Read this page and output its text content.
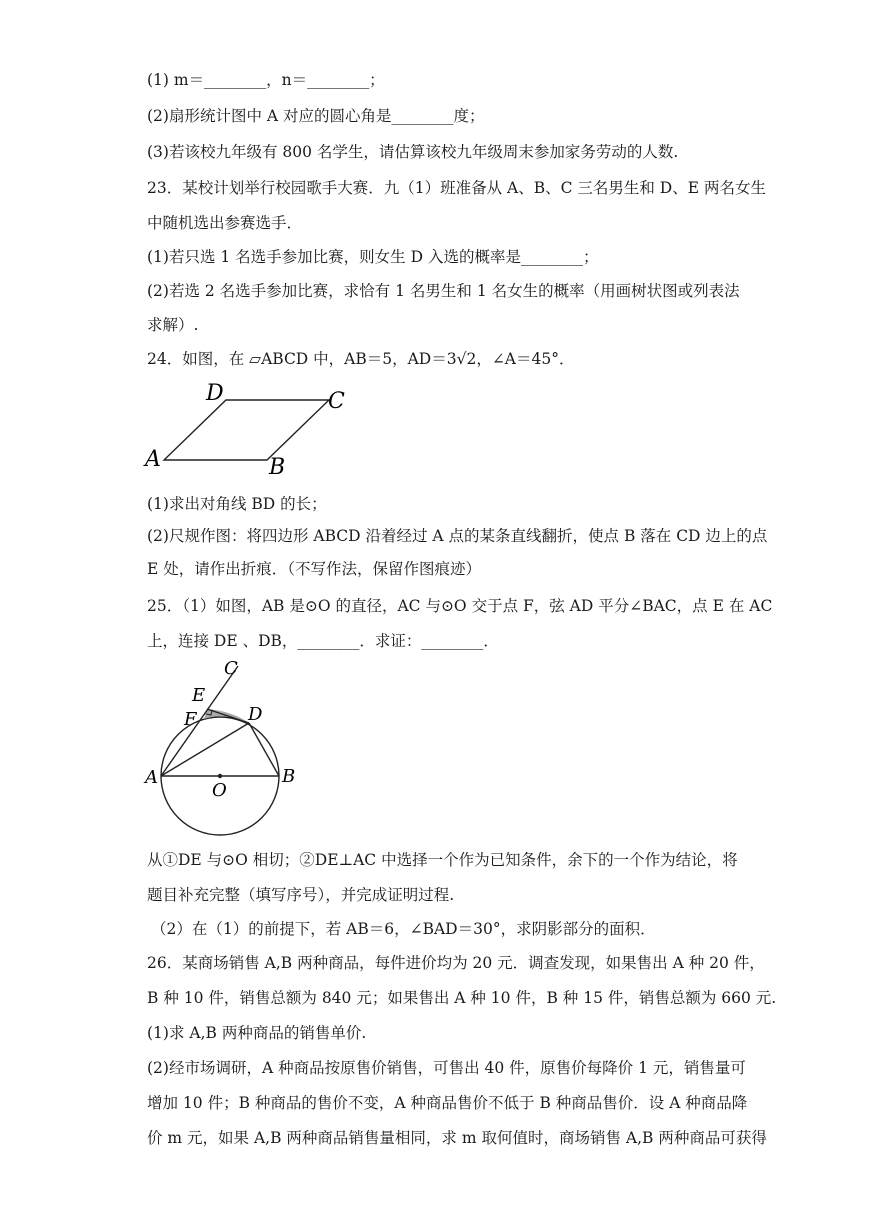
(1) m＝________，n＝________；
(2)扇形统计图中 A 对应的圆心角是________度；
(3)若该校九年级有 800 名学生，请估算该校九年级周末参加家务劳动的人数.
23．某校计划举行校园歌手大赛．九（1）班准备从 A、B、C 三名男生和 D、E 两名女生
中随机选出参赛选手．
(1)若只选 1 名选手参加比赛，则女生 D 入选的概率是________；
(2)若选 2 名选手参加比赛，求恰有 1 名男生和 1 名女生的概率（用画树状图或列表法
求解）.
24．如图，在 ▱ABCD 中，AB＝5，AD＝3√2，∠A＝45°．
A	B
C
D
(1)求出对角线 BD 的长；
(2)尺规作图：将四边形 ABCD 沿着经过 A 点的某条直线翻折，使点 B 落在 CD 边上的点
E 处，请作出折痕．（不写作法，保留作图痕迹）
25．（1）如图，AB 是⊙O 的直径，AC 与⊙O 交于点 F，弦 AD 平分∠BAC，点 E 在 AC
上，连接 DE 、DB，________．求证：________．
A	B
C
D
E
F
O
从①DE 与⊙O 相切；②DE⊥AC 中选择一个作为已知条件，余下的一个作为结论，将
题目补充完整（填写序号），并完成证明过程.
（2）在（1）的前提下，若 AB＝6，∠BAD＝30°，求阴影部分的面积．
26．某商场销售 A,B 两种商品，每件进价均为 20 元．调查发现，如果售出 A 种 20 件，
B 种 10 件，销售总额为 840 元；如果售出 A 种 10 件，B 种 15 件，销售总额为 660 元.
(1)求 A,B 两种商品的销售单价.
(2)经市场调研，A 种商品按原售价销售，可售出 40 件，原售价每降价 1 元，销售量可
增加 10 件；B 种商品的售价不变，A 种商品售价不低于 B 种商品售价．设 A 种商品降
价 m 元，如果 A,B 两种商品销售量相同，求 m 取何值时，商场销售 A,B 两种商品可获得
